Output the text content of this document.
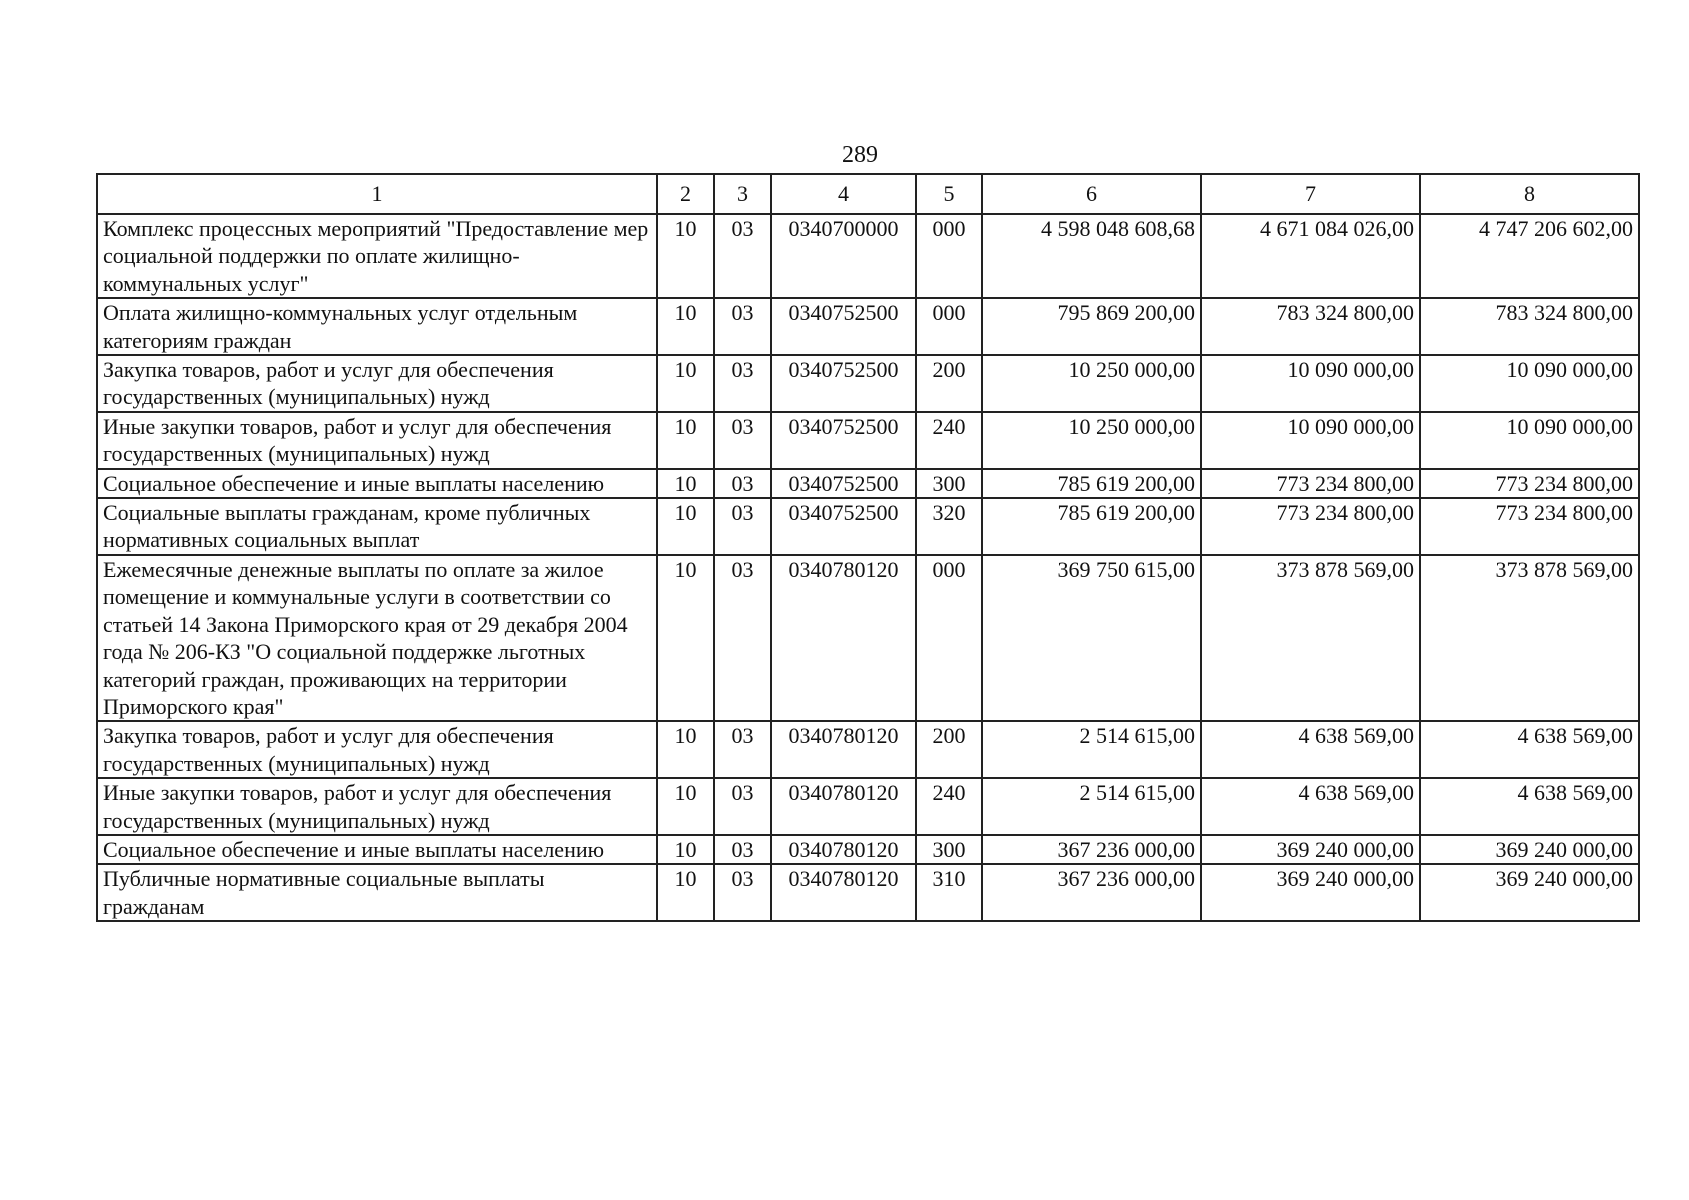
289
1	2	3	4	5	6	7	8
Комплекс процессных мероприятий "Предоставление мер социальной поддержки по оплате жилищно-коммунальных услуг"	10	03	0340700000	000	4 598 048 608,68	4 671 084 026,00	4 747 206 602,00
Оплата жилищно-коммунальных услуг отдельным категориям граждан	10	03	0340752500	000	795 869 200,00	783 324 800,00	783 324 800,00
Закупка товаров, работ и услуг для обеспечения государственных (муниципальных) нужд	10	03	0340752500	200	10 250 000,00	10 090 000,00	10 090 000,00
Иные закупки товаров, работ и услуг для обеспечения государственных (муниципальных) нужд	10	03	0340752500	240	10 250 000,00	10 090 000,00	10 090 000,00
Социальное обеспечение и иные выплаты населению	10	03	0340752500	300	785 619 200,00	773 234 800,00	773 234 800,00
Социальные выплаты гражданам, кроме публичных нормативных социальных выплат	10	03	0340752500	320	785 619 200,00	773 234 800,00	773 234 800,00
Ежемесячные денежные выплаты по оплате за жилое помещение и коммунальные услуги в соответствии со статьей 14 Закона Приморского края от 29 декабря 2004 года № 206-КЗ "О социальной поддержке льготных категорий граждан, проживающих на территории Приморского края"	10	03	0340780120	000	369 750 615,00	373 878 569,00	373 878 569,00
Закупка товаров, работ и услуг для обеспечения государственных (муниципальных) нужд	10	03	0340780120	200	2 514 615,00	4 638 569,00	4 638 569,00
Иные закупки товаров, работ и услуг для обеспечения государственных (муниципальных) нужд	10	03	0340780120	240	2 514 615,00	4 638 569,00	4 638 569,00
Социальное обеспечение и иные выплаты населению	10	03	0340780120	300	367 236 000,00	369 240 000,00	369 240 000,00
Публичные нормативные социальные выплаты гражданам	10	03	0340780120	310	367 236 000,00	369 240 000,00	369 240 000,00
